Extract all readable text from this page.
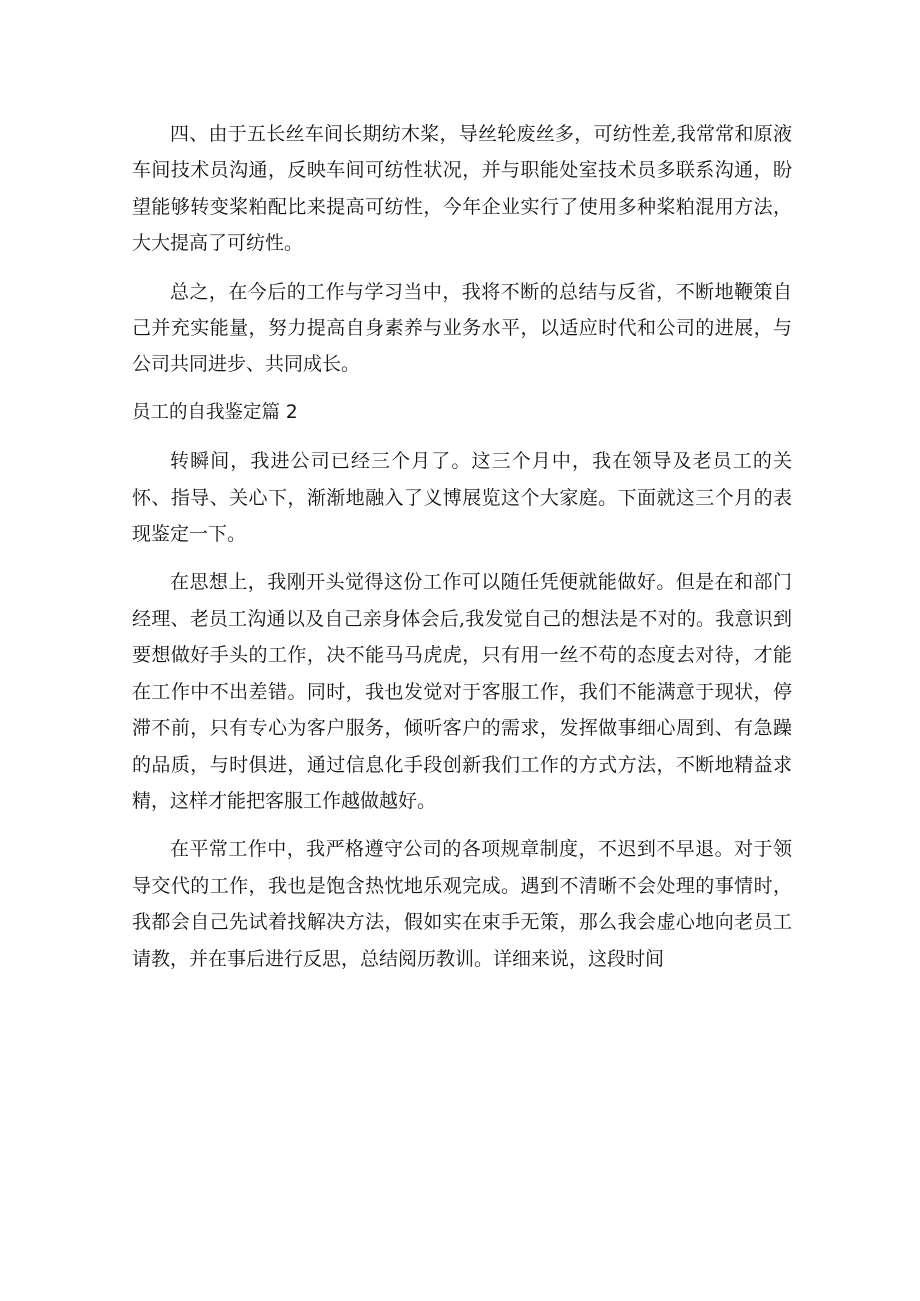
四、由于五长丝车间长期纺木桨，导丝轮废丝多，可纺性差,我常常和原液车间技术员沟通，反映车间可纺性状况，并与职能处室技术员多联系沟通，盼望能够转变桨粕配比来提高可纺性，今年企业实行了使用多种桨粕混用方法，大大提高了可纺性。

总之，在今后的工作与学习当中，我将不断的总结与反省，不断地鞭策自己并充实能量，努力提高自身素养与业务水平，以适应时代和公司的进展，与公司共同进步、共同成长。

员工的自我鉴定篇 2

转瞬间，我进公司已经三个月了。这三个月中，我在领导及老员工的关怀、指导、关心下，渐渐地融入了义博展览这个大家庭。下面就这三个月的表现鉴定一下。

在思想上，我刚开头觉得这份工作可以随任凭便就能做好。但是在和部门经理、老员工沟通以及自己亲身体会后,我发觉自己的想法是不对的。我意识到要想做好手头的工作，决不能马马虎虎，只有用一丝不苟的态度去对待，才能在工作中不出差错。同时，我也发觉对于客服工作，我们不能满意于现状，停滞不前，只有专心为客户服务，倾听客户的需求，发挥做事细心周到、有急躁的品质，与时俱进，通过信息化手段创新我们工作的方式方法，不断地精益求精，这样才能把客服工作越做越好。

在平常工作中，我严格遵守公司的各项规章制度，不迟到不早退。对于领导交代的工作，我也是饱含热忱地乐观完成。遇到不清晰不会处理的事情时，我都会自己先试着找解决方法，假如实在束手无策，那么我会虚心地向老员工请教，并在事后进行反思，总结阅历教训。详细来说，这段时间
